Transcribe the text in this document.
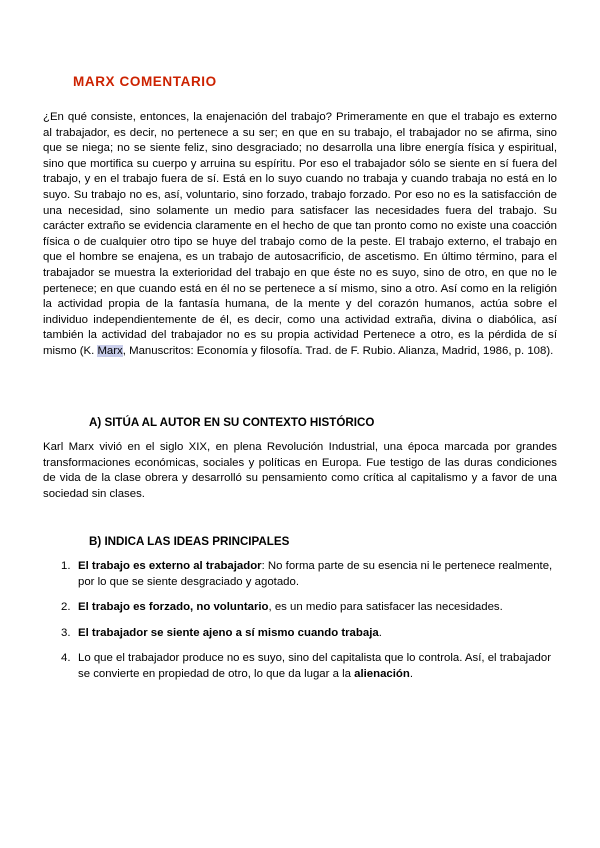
MARX COMENTARIO

¿En qué consiste, entonces, la enajenación del trabajo? Primeramente en que el trabajo es externo al trabajador, es decir, no pertenece a su ser; en que en su trabajo, el trabajador no se afirma, sino que se niega; no se siente feliz, sino desgraciado; no desarrolla una libre energía física y espiritual, sino que mortifica su cuerpo y arruina su espíritu. Por eso el trabajador sólo se siente en sí fuera del trabajo, y en el trabajo fuera de sí. Está en lo suyo cuando no trabaja y cuando trabaja no está en lo suyo. Su trabajo no es, así, voluntario, sino forzado, trabajo forzado. Por eso no es la satisfacción de una necesidad, sino solamente un medio para satisfacer las necesidades fuera del trabajo. Su carácter extraño se evidencia claramente en el hecho de que tan pronto como no existe una coacción física o de cualquier otro tipo se huye del trabajo como de la peste. El trabajo externo, el trabajo en que el hombre se enajena, es un trabajo de autosacrificio, de ascetismo. En último término, para el trabajador se muestra la exterioridad del trabajo en que éste no es suyo, sino de otro, en que no le pertenece; en que cuando está en él no se pertenece a sí mismo, sino a otro. Así como en la religión la actividad propia de la fantasía humana, de la mente y del corazón humanos, actúa sobre el individuo independientemente de él, es decir, como una actividad extraña, divina o diabólica, así también la actividad del trabajador no es su propia actividad Pertenece a otro, es la pérdida de sí mismo (K. Marx, Manuscritos: Economía y filosofía. Trad. de F. Rubio. Alianza, Madrid, 1986, p. 108).

A) SITÚA AL AUTOR EN SU CONTEXTO HISTÓRICO

Karl Marx vivió en el siglo XIX, en plena Revolución Industrial, una época marcada por grandes transformaciones económicas, sociales y políticas en Europa. Fue testigo de las duras condiciones de vida de la clase obrera y desarrolló su pensamiento como crítica al capitalismo y a favor de una sociedad sin clases.

B) INDICA LAS IDEAS PRINCIPALES
1. El trabajo es externo al trabajador: No forma parte de su esencia ni le pertenece realmente, por lo que se siente desgraciado y agotado.
2. El trabajo es forzado, no voluntario, es un medio para satisfacer las necesidades.
3. El trabajador se siente ajeno a sí mismo cuando trabaja.
4. Lo que el trabajador produce no es suyo, sino del capitalista que lo controla. Así, el trabajador se convierte en propiedad de otro, lo que da lugar a la alienación.
